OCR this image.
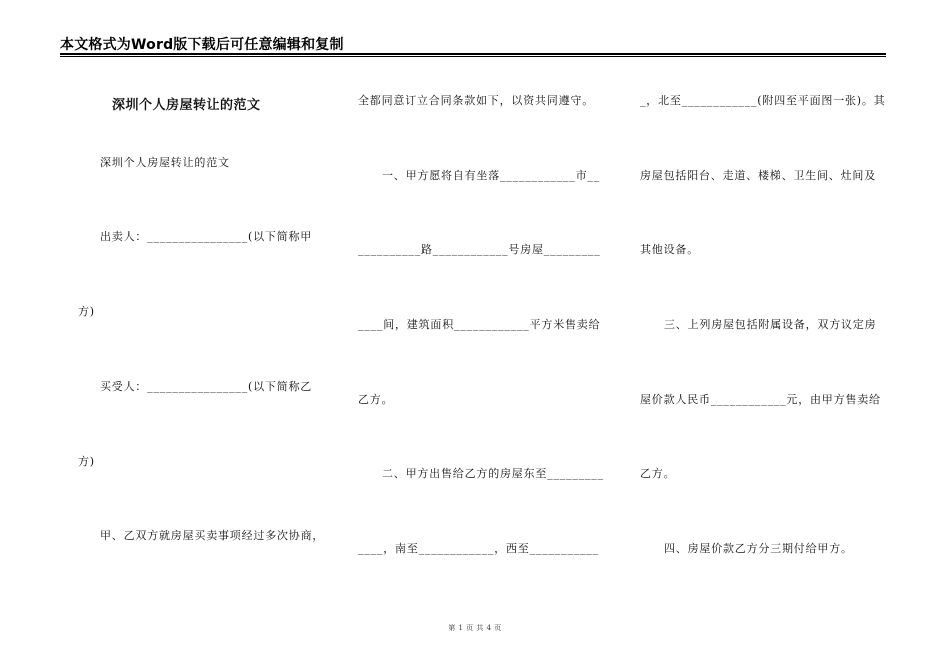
本文格式为Word版下载后可任意编辑和复制
深圳个人房屋转让的范文
深圳个人房屋转让的范文
出卖人：________________(以下简称甲
方)
买受人：________________(以下简称乙
方)
甲、乙双方就房屋买卖事项经过多次协商，
全都同意订立合同条款如下，以资共同遵守。
一、甲方愿将自有坐落____________市__
__________路____________号房屋_________
____间，建筑面积____________平方米售卖给
乙方。
二、甲方出售给乙方的房屋东至_________
____，南至____________，西至___________
_，北至____________(附四至平面图一张)。其
房屋包括阳台、走道、楼梯、卫生间、灶间及
其他设备。
三、上列房屋包括附属设备，双方议定房
屋价款人民币____________元，由甲方售卖给
乙方。
四、房屋价款乙方分三期付给甲方。
第 1 页 共 4 页
